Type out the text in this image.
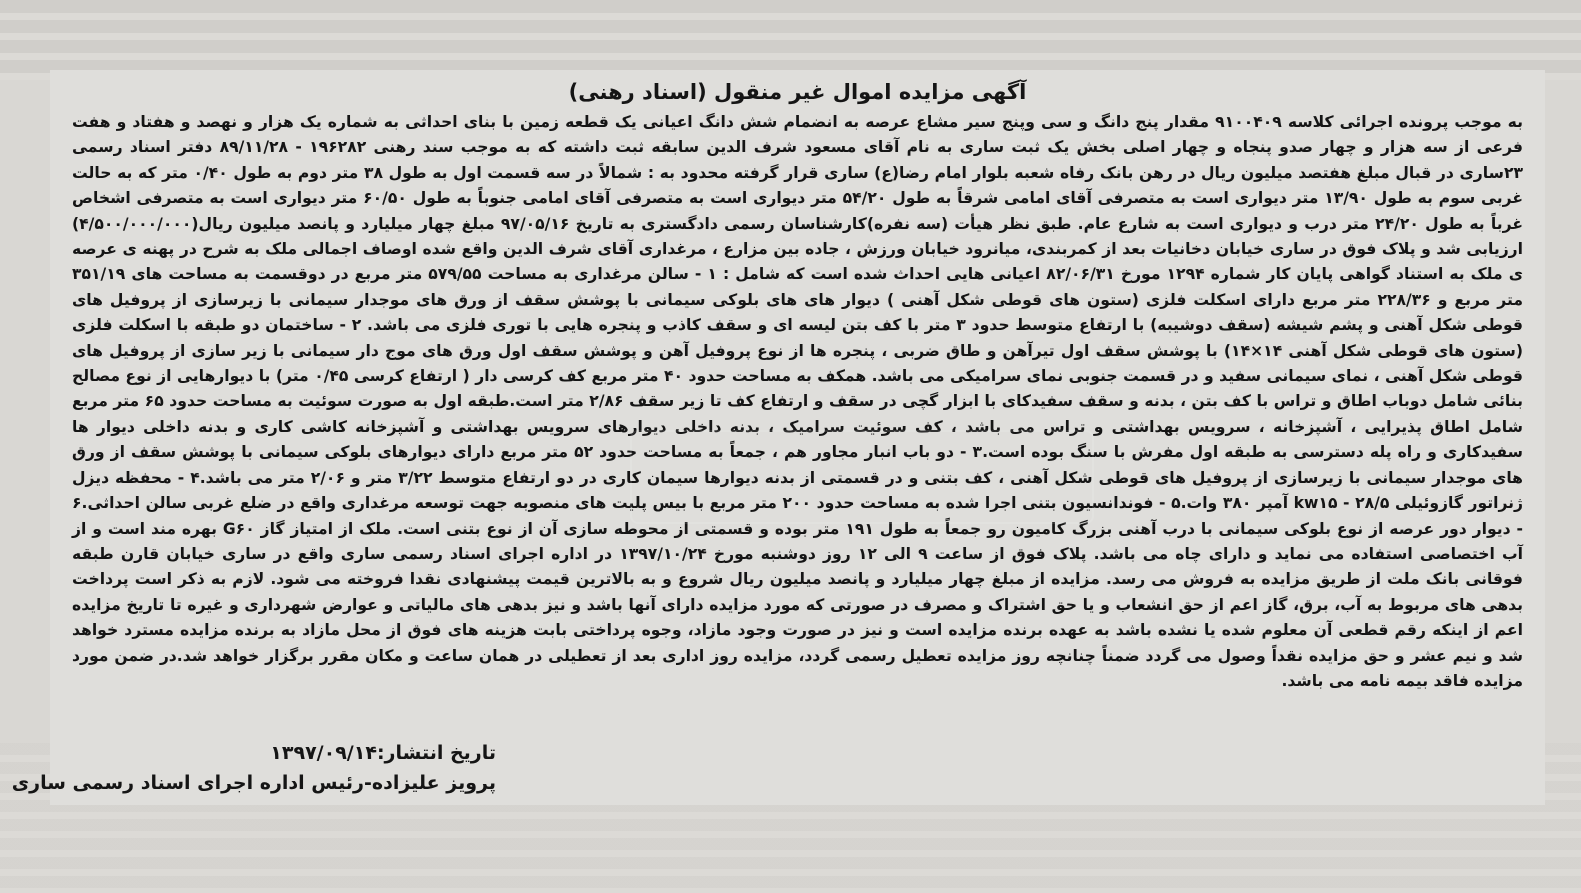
آگهی مزایده اموال غیر منقول (اسناد رهنی)

به موجب پرونده اجرائی کلاسه ۹۱۰۰۴۰۹ مقدار پنج دانگ و سی وپنج سیر مشاع عرصه به انضمام شش دانگ اعیانی یک قطعه زمین با بنای احداثی به شماره یک هزار و نهصد و هفتاد و هفت فرعی از سه هزار و چهار صدو پنجاه و چهار اصلی بخش یک ثبت ساری به نام آقای مسعود شرف الدین سابقه ثبت داشته که به موجب سند رهنی ۱۹۶۲۸۲ - ۸۹/۱۱/۲۸ دفتر اسناد رسمی ۲۳ساری در قبال مبلغ هفتصد میلیون ریال در رهن بانک رفاه شعبه بلوار امام رضا(ع) ساری قرار گرفته محدود به : شمالاً در سه قسمت اول به طول ۳۸ متر دوم به طول ۰/۴۰ متر که به حالت غربی سوم به طول ۱۳/۹۰ متر دیواری است به متصرفی آقای امامی شرقاً به طول ۵۴/۲۰ متر دیواری است به متصرفی آقای امامی جنوباً به طول ۶۰/۵۰ متر دیواری است به متصرفی اشخاص غرباً به طول ۲۴/۲۰ متر درب و دیواری است به شارع عام. طبق نظر هیأت (سه نفره)کارشناسان رسمی دادگستری به تاریخ ۹۷/۰۵/۱۶ مبلغ چهار میلیارد و پانصد میلیون ریال(۴/۵۰۰/۰۰۰/۰۰۰) ارزیابی شد و پلاک فوق در ساری خیابان دخانیات بعد از کمربندی، میانرود خیابان ورزش ، جاده بین مزارع ، مرغداری آقای شرف الدین واقع شده اوصاف اجمالی ملک به شرح در پهنه ی عرصه ی ملک به استناد گواهی پایان کار شماره ۱۲۹۴ مورخ ۸۲/۰۶/۳۱ اعیانی هایی احداث شده است که شامل : ۱ - سالن مرغداری به مساحت ۵۷۹/۵۵ متر مربع در دوقسمت به مساحت های ۳۵۱/۱۹ متر مربع و ۲۲۸/۳۶ متر مربع دارای اسکلت فلزی (ستون های قوطی شکل آهنی ) دیوار های های بلوکی سیمانی با پوشش سقف از ورق های موجدار سیمانی با زیرسازی از پروفیل های قوطی شکل آهنی و پشم شیشه (سقف دوشیبه) با ارتفاع متوسط حدود ۳ متر با کف بتن لیسه ای و سقف کاذب و پنجره هایی با توری فلزی می باشد. ۲ - ساختمان دو طبقه با اسکلت فلزی (ستون های قوطی شکل آهنی ۱۴×۱۴) با پوشش سقف اول تیرآهن و طاق ضربی ، پنجره ها از نوع پروفیل آهن و پوشش سقف اول ورق های موج دار سیمانی با زیر سازی از پروفیل های قوطی شکل آهنی ، نمای سیمانی سفید و در قسمت جنوبی نمای سرامیکی می باشد. همکف به مساحت حدود ۴۰ متر مربع کف کرسی دار ( ارتفاع کرسی ۰/۴۵ متر) با دیوارهایی از نوع مصالح بنائی شامل دوباب اطاق و تراس با کف بتن ، بدنه و سقف سفیدکای با ابزار گچی در سقف و ارتفاع کف تا زیر سقف ۲/۸۶ متر است.طبقه اول به صورت سوئیت به مساحت حدود ۶۵ متر مربع شامل اطاق پذیرایی ، آشپزخانه ، سرویس بهداشتی و تراس می باشد ، کف سوئیت سرامیک ، بدنه داخلی دیوارهای سرویس بهداشتی و آشپزخانه کاشی کاری و بدنه داخلی دیوار ها سفیدکاری و راه پله دسترسی به طبقه اول مفرش با سنگ بوده است.۳ - دو باب انبار مجاور هم ، جمعاً به مساحت حدود ۵۲ متر مربع دارای دیوارهای بلوکی سیمانی با پوشش سقف از ورق های موجدار سیمانی با زیرسازی از پروفیل های قوطی شکل آهنی ، کف بتنی و در قسمتی از بدنه دیوارها سیمان کاری در دو ارتفاع متوسط ۳/۲۲ متر و ۲/۰۶ متر می باشد.۴ - محفظه دیزل ژنراتور گازوئیلی kw۱۵ - ۲۸/۵ آمپر ۳۸۰ وات.۵ - فوندانسیون بتنی اجرا شده به مساحت حدود ۲۰۰ متر مربع با بیس پلیت های منصوبه جهت توسعه مرغداری واقع در ضلع غربی سالن احداثی.۶ - دیوار دور عرصه از نوع بلوکی سیمانی با درب آهنی بزرگ کامیون رو جمعاً به طول ۱۹۱ متر بوده و قسمتی از محوطه سازی آن از نوع بتنی است. ملک از امتیاز گاز G۶۰ بهره مند است و از آب اختصاصی استفاده می نماید و دارای چاه می باشد. پلاک فوق از ساعت ۹ الی ۱۲ روز دوشنبه مورخ ۱۳۹۷/۱۰/۲۴ در اداره اجرای اسناد رسمی ساری واقع در ساری خیابان قارن طبقه فوقانی بانک ملت از طریق مزایده به فروش می رسد. مزایده از مبلغ چهار میلیارد و پانصد میلیون ریال شروع و به بالاترین قیمت پیشنهادی نقدا فروخته می شود. لازم به ذکر است پرداخت بدهی های مربوط به آب، برق، گاز اعم از حق انشعاب و یا حق اشتراک و مصرف در صورتی که مورد مزایده دارای آنها باشد و نیز بدهی های مالیاتی و عوارض شهرداری و غیره تا تاریخ مزایده اعم از اینکه رقم قطعی آن معلوم شده یا نشده باشد به عهده برنده مزایده است و نیز در صورت وجود مازاد، وجوه پرداختی بابت هزینه های فوق از محل مازاد به برنده مزایده مسترد خواهد شد و نیم عشر و حق مزایده نقداً وصول می گردد ضمناً چنانچه روز مزایده تعطیل رسمی گردد، مزایده روز اداری بعد از تعطیلی در همان ساعت و مکان مقرر برگزار خواهد شد.در ضمن مورد مزایده فاقد بیمه نامه می باشد.

تاریخ انتشار:۱۳۹۷/۰۹/۱۴
پرویز علیزاده-رئیس اداره اجرای اسناد رسمی ساری
